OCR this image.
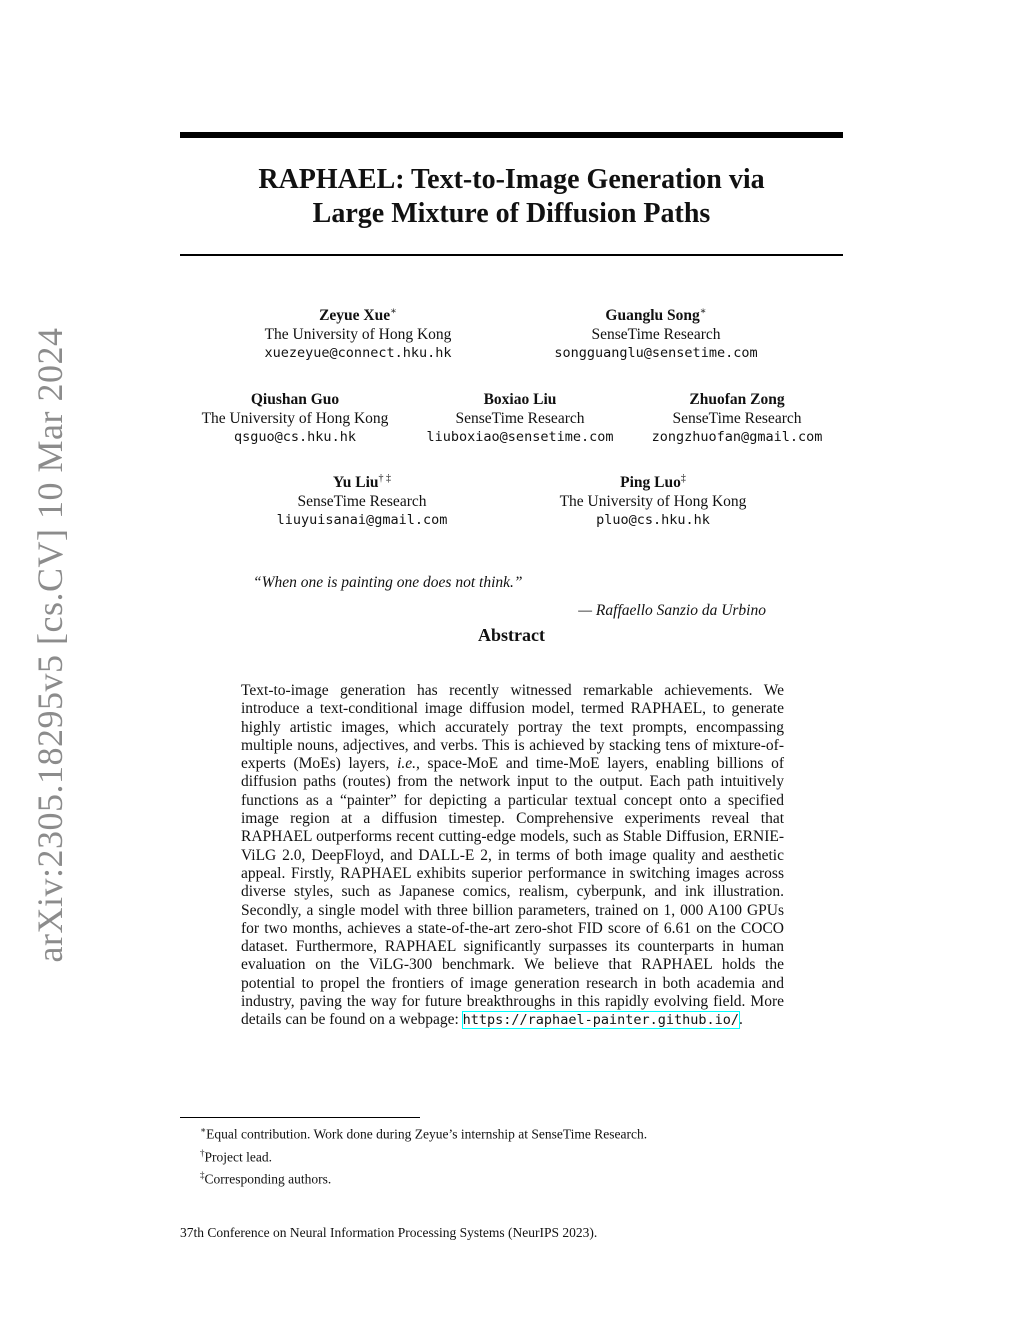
arXiv:2305.18295v5 [cs.CV] 10 Mar 2024
RAPHAEL: Text-to-Image Generation via
Large Mixture of Diffusion Paths
Zeyue Xue∗
The University of Hong Kong
xuezeyue@connect.hku.hk
Guanglu Song∗
SenseTime Research
songguanglu@sensetime.com
Qiushan Guo
The University of Hong Kong
qsguo@cs.hku.hk
Boxiao Liu
SenseTime Research
liuboxiao@sensetime.com
Zhuofan Zong
SenseTime Research
zongzhuofan@gmail.com
Yu Liu† ‡
SenseTime Research
liuyuisanai@gmail.com
Ping Luo‡
The University of Hong Kong
pluo@cs.hku.hk
“When one is painting one does not think.”
— Raffaello Sanzio da Urbino
Abstract

Text-to-image generation has recently witnessed remarkable achievements. We introduce a text-conditional image diffusion model, termed RAPHAEL, to generate highly artistic images, which accurately portray the text prompts, encompassing multiple nouns, adjectives, and verbs. This is achieved by stacking tens of mixture-of-experts (MoEs) layers, i.e., space-MoE and time-MoE layers, enabling billions of diffusion paths (routes) from the network input to the output. Each path intuitively functions as a “painter” for depicting a particular textual concept onto a specified image region at a diffusion timestep. Comprehensive experiments reveal that RAPHAEL outperforms recent cutting-edge models, such as Stable Diffusion, ERNIE-ViLG 2.0, DeepFloyd, and DALL-E 2, in terms of both image quality and aesthetic appeal. Firstly, RAPHAEL exhibits superior performance in switching images across diverse styles, such as Japanese comics, realism, cyberpunk, and ink illustration. Secondly, a single model with three billion parameters, trained on 1, 000 A100 GPUs for two months, achieves a state-of-the-art zero-shot FID score of 6.61 on the COCO dataset. Furthermore, RAPHAEL significantly surpasses its counterparts in human evaluation on the ViLG-300 benchmark. We believe that RAPHAEL holds the potential to propel the frontiers of image generation research in both academia and industry, paving the way for future breakthroughs in this rapidly evolving field. More details can be found on a webpage: https://raphael-painter.github.io/.

∗Equal contribution. Work done during Zeyue’s internship at SenseTime Research.
†Project lead.
‡Corresponding authors.
37th Conference on Neural Information Processing Systems (NeurIPS 2023).
